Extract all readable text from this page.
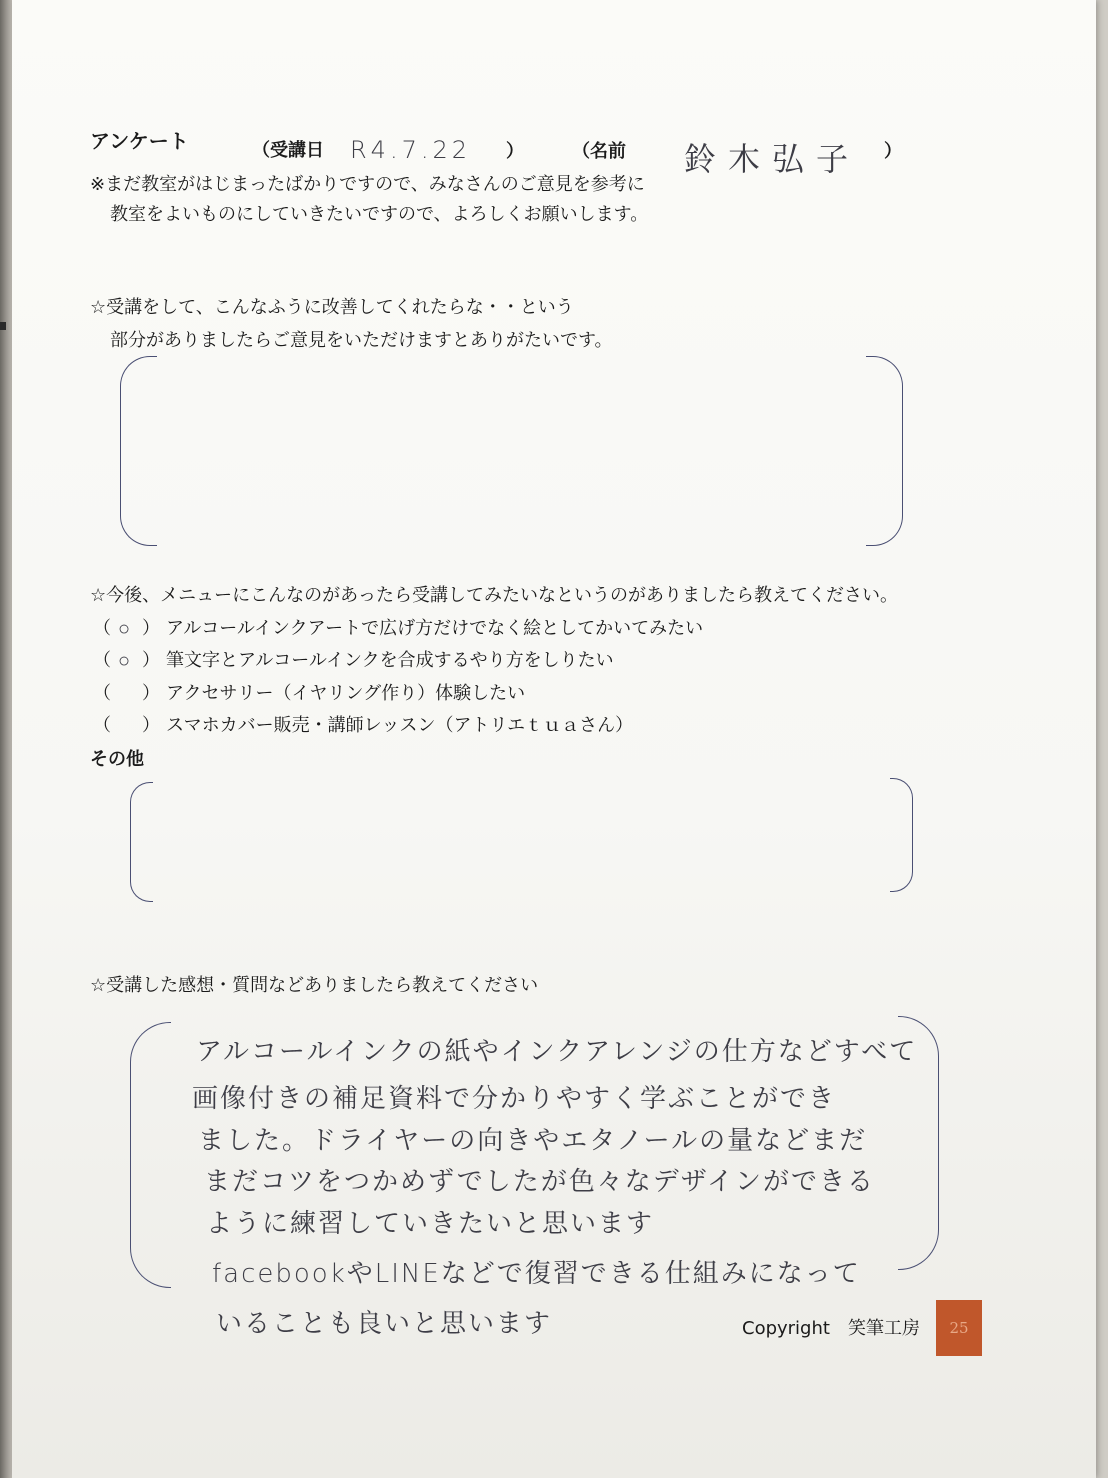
アンケート	（受講日 R4.7.22 ）	（名前 鈴木弘子 ）
※まだ教室がはじまったばかりですので、みなさんのご意見を参考に
教室をよいものにしていきたいですので、よろしくお願いします。
☆受講をして、こんなふうに改善してくれたらな・・という
部分がありましたらご意見をいただけますとありがたいです。
☆今後、メニューにこんなのがあったら受講してみたいなというのがありましたら教えてください。
（ ○ ） アルコールインクアートで広げ方だけでなく絵としてかいてみたい
（ ○ ） 筆文字とアルコールインクを合成するやり方をしりたい
（ ） アクセサリー（イヤリング作り）体験したい
（ ） スマホカバー販売・講師レッスン（アトリエｔｕａさん）
その他
☆受講した感想・質問などありましたら教えてください
アルコールインクの紙やインクアレンジの仕方などすべて
画像付きの補足資料で分かりやすく学ぶことができ
ました。ドライヤーの向きやエタノールの量などまだ
まだコツをつかめずでしたが色々なデザインができる
ように練習していきたいと思います
facebookやLINEなどで復習できる仕組みになって
いることも良いと思います	Copyright　笑筆工房	25
